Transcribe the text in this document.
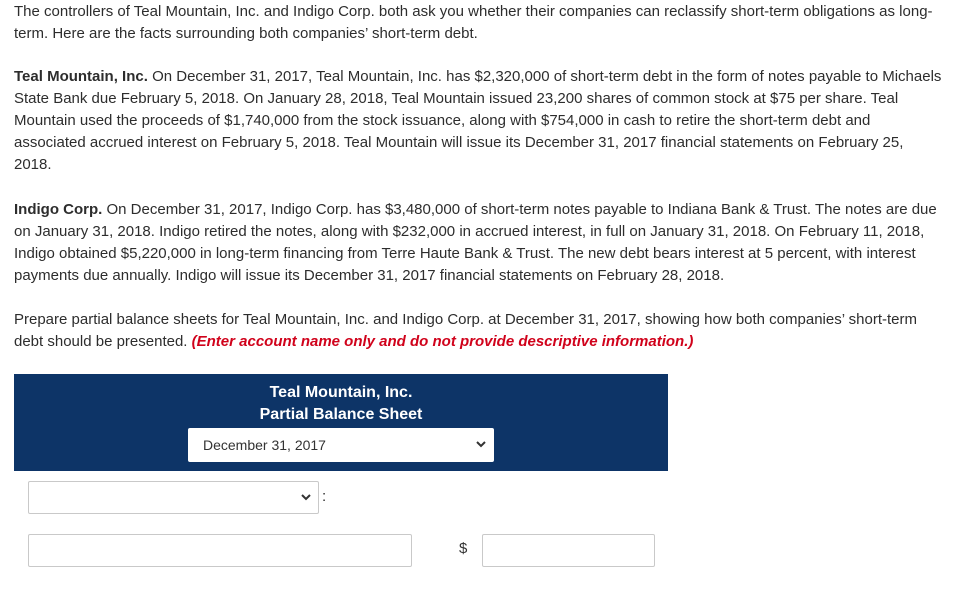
The controllers of Teal Mountain, Inc. and Indigo Corp. both ask you whether their companies can reclassify short-term obligations as long-term. Here are the facts surrounding both companies’ short-term debt.

Teal Mountain, Inc. On December 31, 2017, Teal Mountain, Inc. has $2,320,000 of short-term debt in the form of notes payable to Michaels State Bank due February 5, 2018. On January 28, 2018, Teal Mountain issued 23,200 shares of common stock at $75 per share. Teal Mountain used the proceeds of $1,740,000 from the stock issuance, along with $754,000 in cash to retire the short-term debt and associated accrued interest on February 5, 2018. Teal Mountain will issue its December 31, 2017 financial statements on February 25, 2018.

Indigo Corp. On December 31, 2017, Indigo Corp. has $3,480,000 of short-term notes payable to Indiana Bank & Trust. The notes are due on January 31, 2018. Indigo retired the notes, along with $232,000 in accrued interest, in full on January 31, 2018. On February 11, 2018, Indigo obtained $5,220,000 in long-term financing from Terre Haute Bank & Trust. The new debt bears interest at 5 percent, with interest payments due annually. Indigo will issue its December 31, 2017 financial statements on February 28, 2018.

Prepare partial balance sheets for Teal Mountain, Inc. and Indigo Corp. at December 31, 2017, showing how both companies’ short-term debt should be presented. (Enter account name only and do not provide descriptive information.)

Teal Mountain, Inc.
Partial Balance Sheet
December 31, 2017
:
$
